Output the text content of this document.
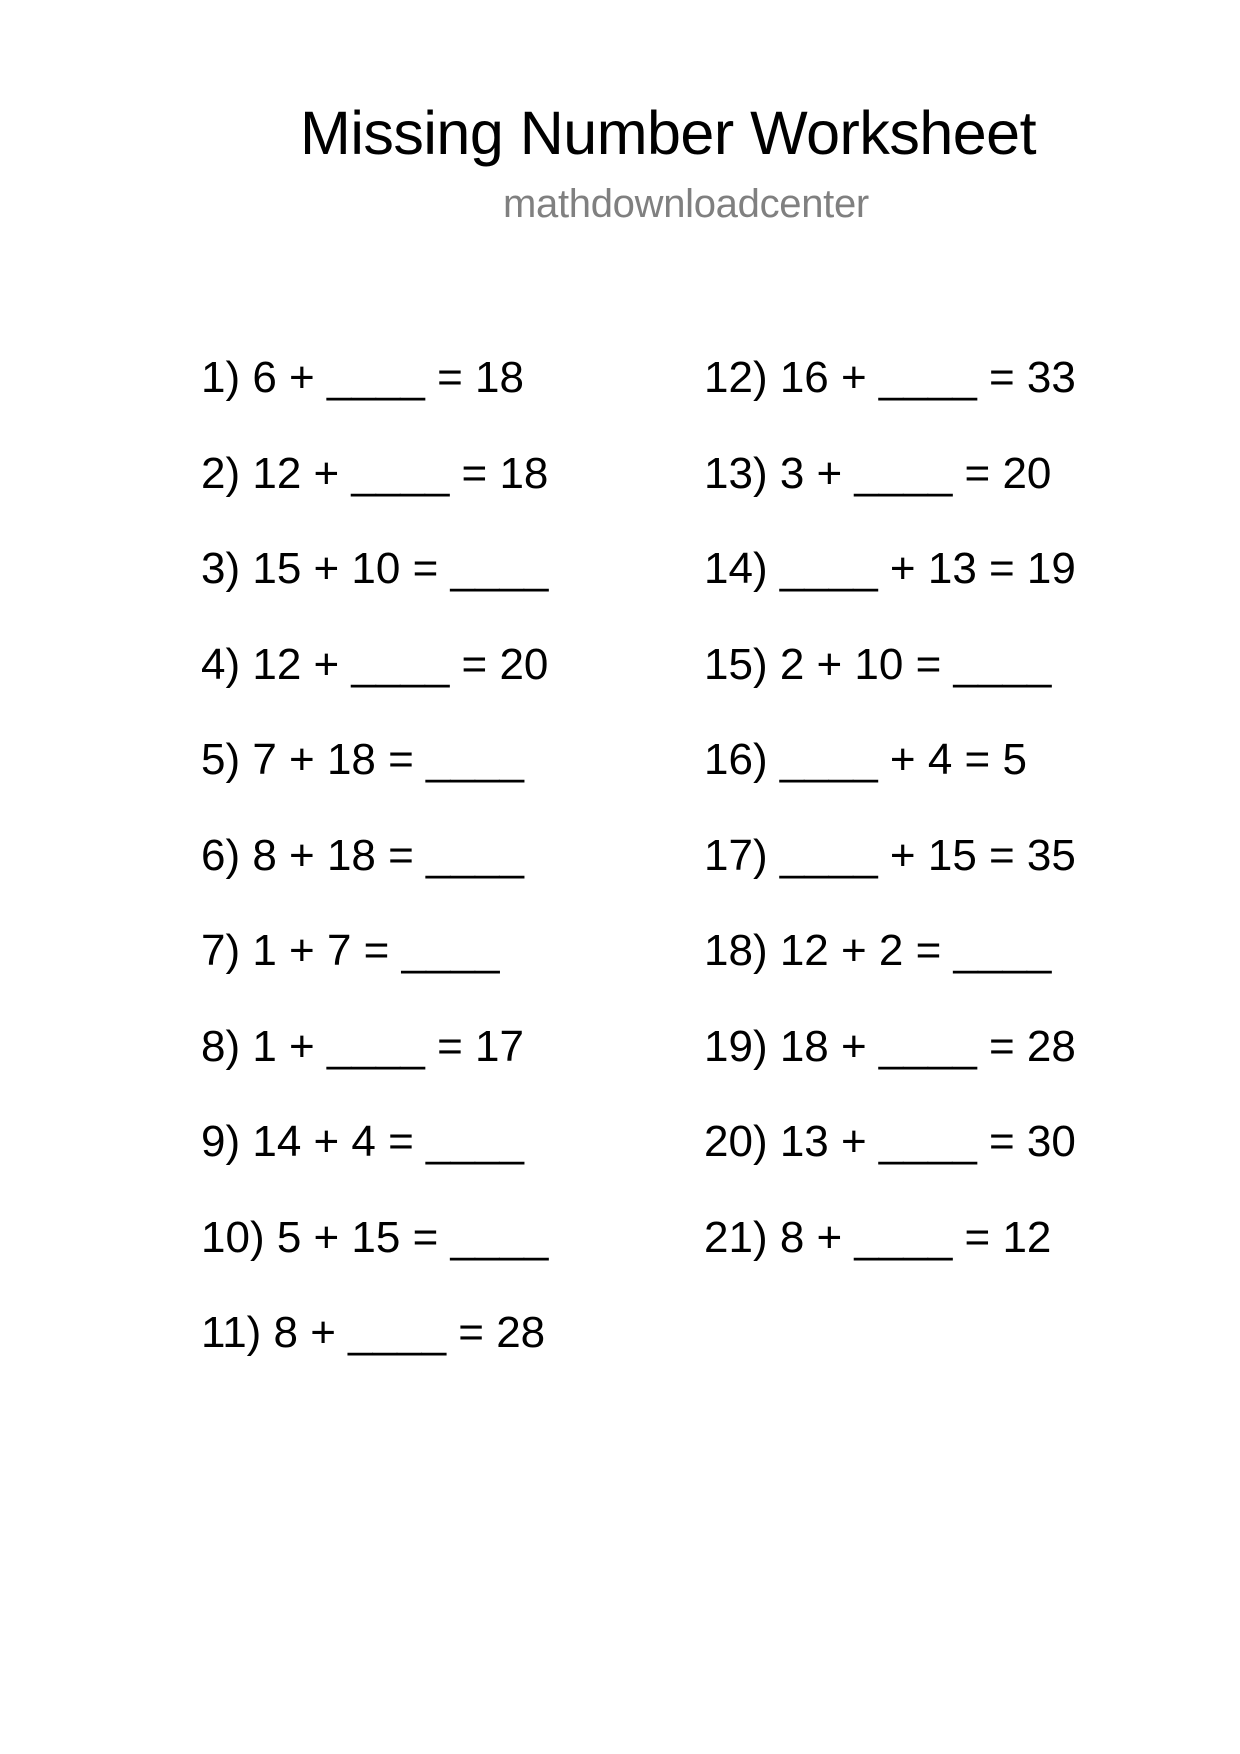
Missing Number Worksheet
mathdownloadcenter
1) 6 + ____ = 18
2) 12 + ____ = 18
3) 15 + 10 = ____
4) 12 + ____ = 20
5) 7 + 18 = ____
6) 8 + 18 = ____
7) 1 + 7 = ____
8) 1 + ____ = 17
9) 14 + 4 = ____
10) 5 + 15 = ____
11) 8 + ____ = 28
12) 16 + ____ = 33
13) 3 + ____ = 20
14) ____ + 13 = 19
15) 2 + 10 = ____
16) ____ + 4 = 5
17) ____ + 15 = 35
18) 12 + 2 = ____
19) 18 + ____ = 28
20) 13 + ____ = 30
21) 8 + ____ = 12
